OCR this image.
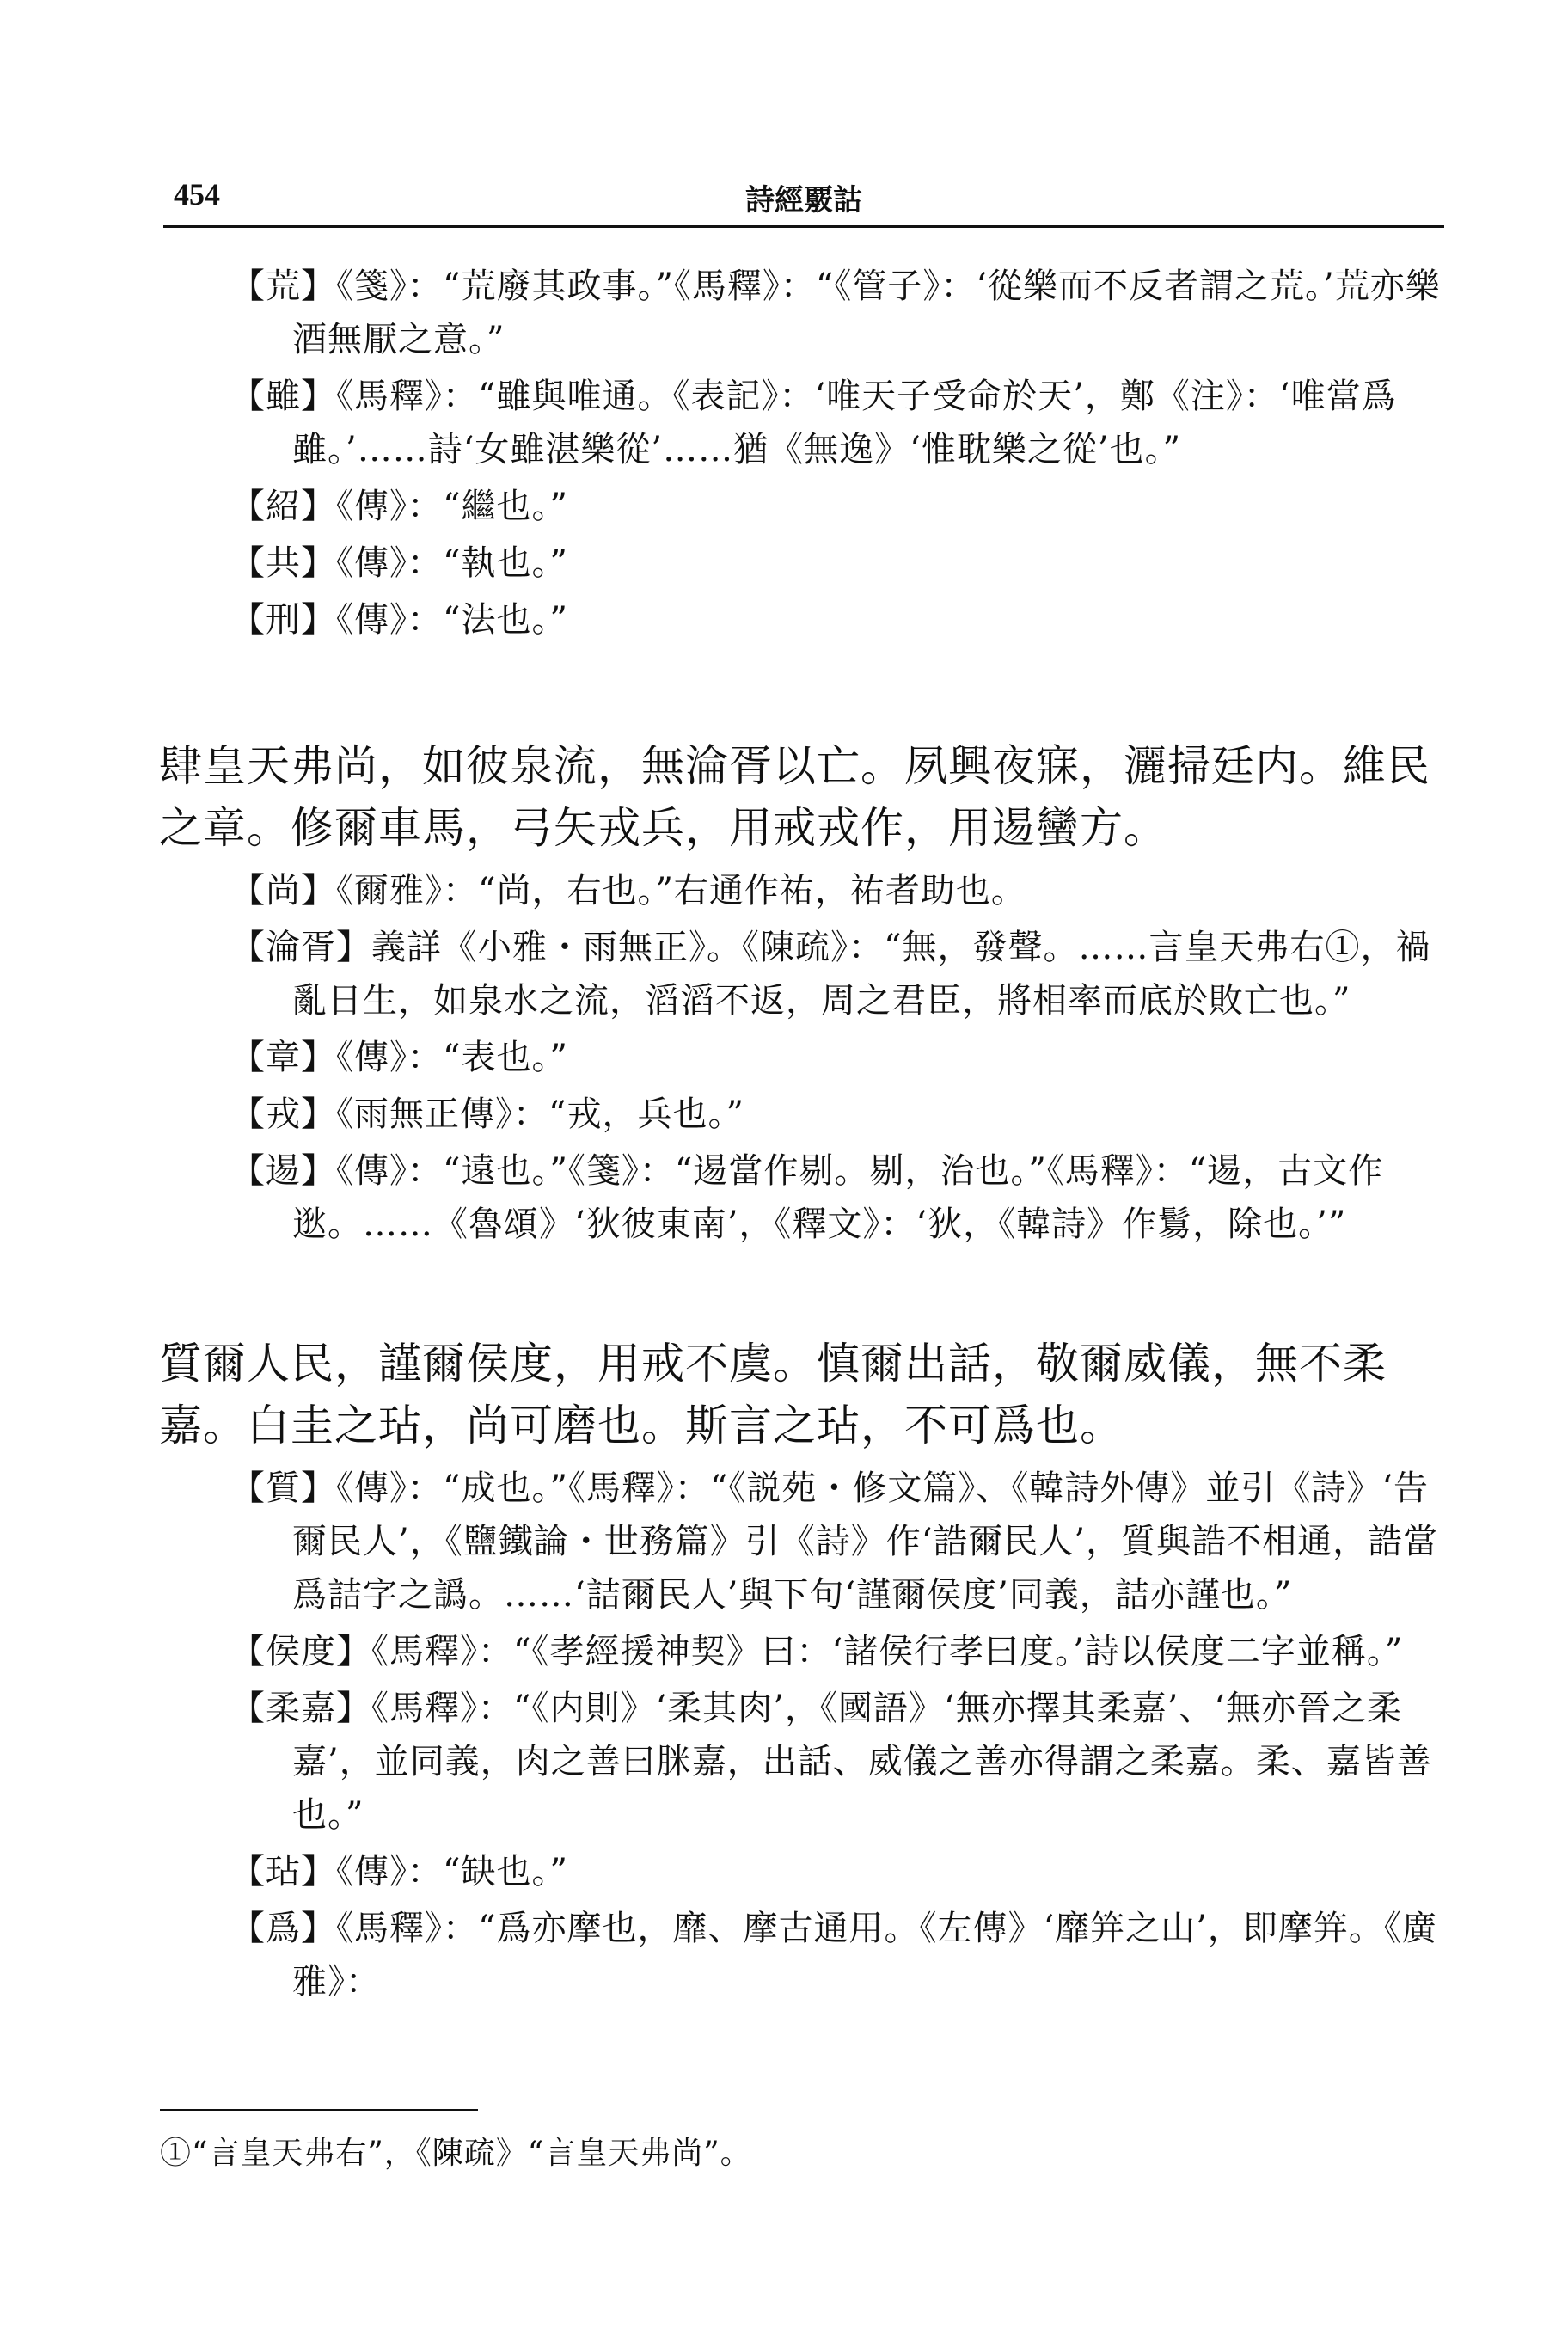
454	詩經覈詁

【荒】《箋》：“荒廢其政事。”《馬釋》：“《管子》：‘從樂而不反者謂之荒。’荒亦樂酒無厭之意。”

【雖】《馬釋》：“雖與唯通。《表記》：‘唯天子受命於天’，鄭《注》：‘唯當爲雖。’……詩‘女雖湛樂從’……猶《無逸》‘惟耽樂之從’也。”

【紹】《傳》：“繼也。”

【共】《傳》：“執也。”

【刑】《傳》：“法也。”

肆皇天弗尚，如彼泉流，無淪胥以亡。夙興夜寐，灑掃廷内。維民之章。修爾車馬，弓矢戎兵，用戒戎作，用逷蠻方。

【尚】《爾雅》：“尚，右也。”右通作祐，祐者助也。

【淪胥】義詳《小雅・雨無正》。《陳疏》：“無，發聲。……言皇天弗右①，禍亂日生，如泉水之流，滔滔不返，周之君臣，將相率而底於敗亡也。”

【章】《傳》：“表也。”

【戎】《雨無正傳》：“戎，兵也。”

【逷】《傳》：“遠也。”《箋》：“逷當作剔。剔，治也。”《馬釋》：“逷，古文作逖。……《魯頌》‘狄彼東南’，《釋文》：‘狄，《韓詩》作鬄，除也。’”

質爾人民，謹爾侯度，用戒不虞。慎爾出話，敬爾威儀，無不柔嘉。白圭之玷，尚可磨也。斯言之玷，不可爲也。

【質】《傳》：“成也。”《馬釋》：“《説苑・修文篇》、《韓詩外傳》並引《詩》‘告爾民人’，《鹽鐵論・世務篇》引《詩》作‘誥爾民人’，質與誥不相通，誥當爲詰字之譌。……‘詰爾民人’與下句‘謹爾侯度’同義，詰亦謹也。”

【侯度】《馬釋》：“《孝經援神契》曰：‘諸侯行孝曰度。’詩以侯度二字並稱。”

【柔嘉】《馬釋》：“《内則》‘柔其肉’，《國語》‘無亦擇其柔嘉’、‘無亦晉之柔嘉’，並同義，肉之善曰脒嘉，出話、威儀之善亦得謂之柔嘉。柔、嘉皆善也。”

【玷】《傳》：“缺也。”

【爲】《馬釋》：“爲亦摩也，靡、摩古通用。《左傳》‘靡笄之山’，即摩笄。《廣雅》：

①“言皇天弗右”，《陳疏》“言皇天弗尚”。
